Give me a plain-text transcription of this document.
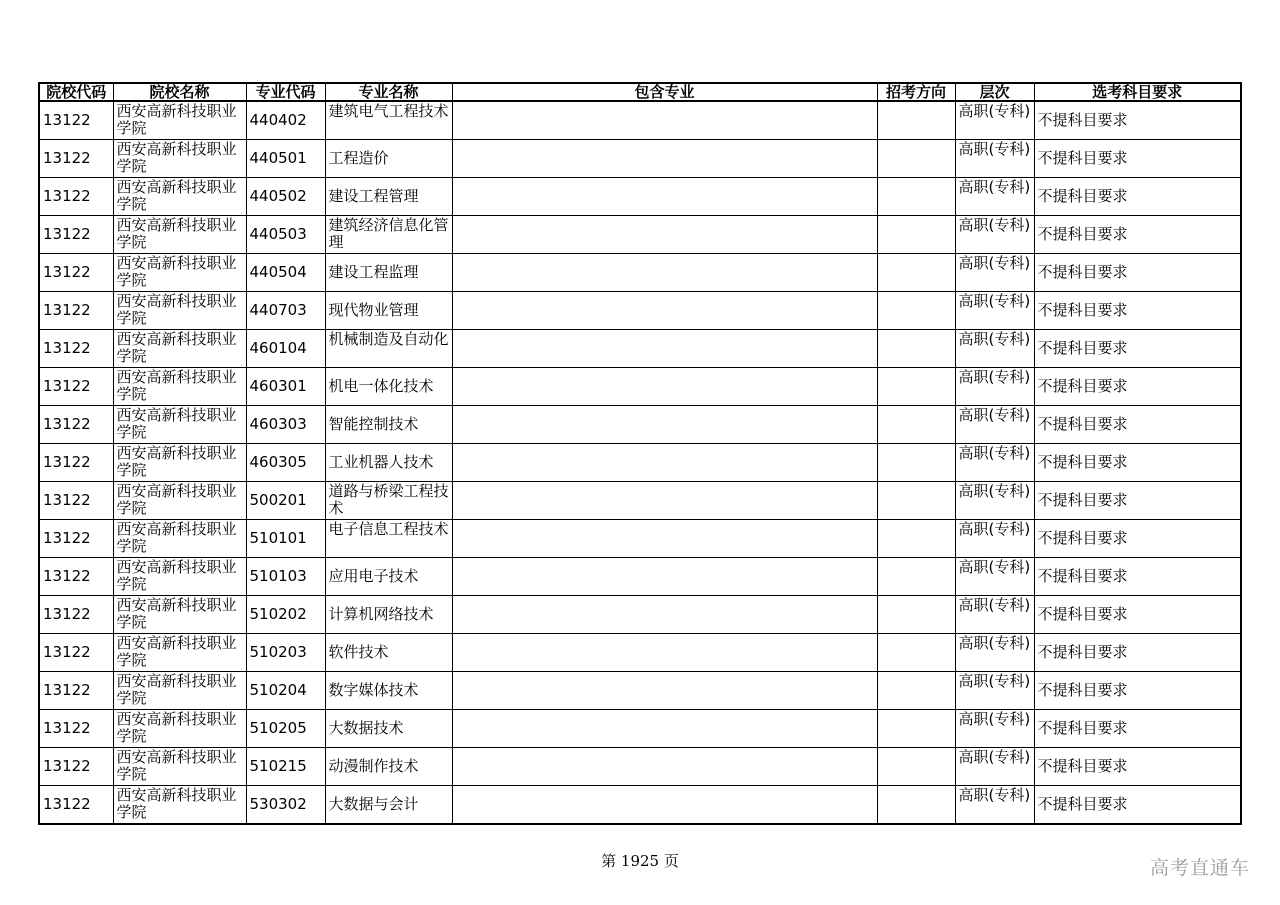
院校代码	院校名称	专业代码	专业名称	包含专业	招考方向	层次	选考科目要求
13122	西安高新科技职业学院	440402	建筑电气工程技术			高职(专科)	不提科目要求
13122	西安高新科技职业学院	440501	工程造价			高职(专科)	不提科目要求
13122	西安高新科技职业学院	440502	建设工程管理			高职(专科)	不提科目要求
13122	西安高新科技职业学院	440503	建筑经济信息化管理			高职(专科)	不提科目要求
13122	西安高新科技职业学院	440504	建设工程监理			高职(专科)	不提科目要求
13122	西安高新科技职业学院	440703	现代物业管理			高职(专科)	不提科目要求
13122	西安高新科技职业学院	460104	机械制造及自动化			高职(专科)	不提科目要求
13122	西安高新科技职业学院	460301	机电一体化技术			高职(专科)	不提科目要求
13122	西安高新科技职业学院	460303	智能控制技术			高职(专科)	不提科目要求
13122	西安高新科技职业学院	460305	工业机器人技术			高职(专科)	不提科目要求
13122	西安高新科技职业学院	500201	道路与桥梁工程技术			高职(专科)	不提科目要求
13122	西安高新科技职业学院	510101	电子信息工程技术			高职(专科)	不提科目要求
13122	西安高新科技职业学院	510103	应用电子技术			高职(专科)	不提科目要求
13122	西安高新科技职业学院	510202	计算机网络技术			高职(专科)	不提科目要求
13122	西安高新科技职业学院	510203	软件技术			高职(专科)	不提科目要求
13122	西安高新科技职业学院	510204	数字媒体技术			高职(专科)	不提科目要求
13122	西安高新科技职业学院	510205	大数据技术			高职(专科)	不提科目要求
13122	西安高新科技职业学院	510215	动漫制作技术			高职(专科)	不提科目要求
13122	西安高新科技职业学院	530302	大数据与会计			高职(专科)	不提科目要求
第 1925 页	高考直通车
